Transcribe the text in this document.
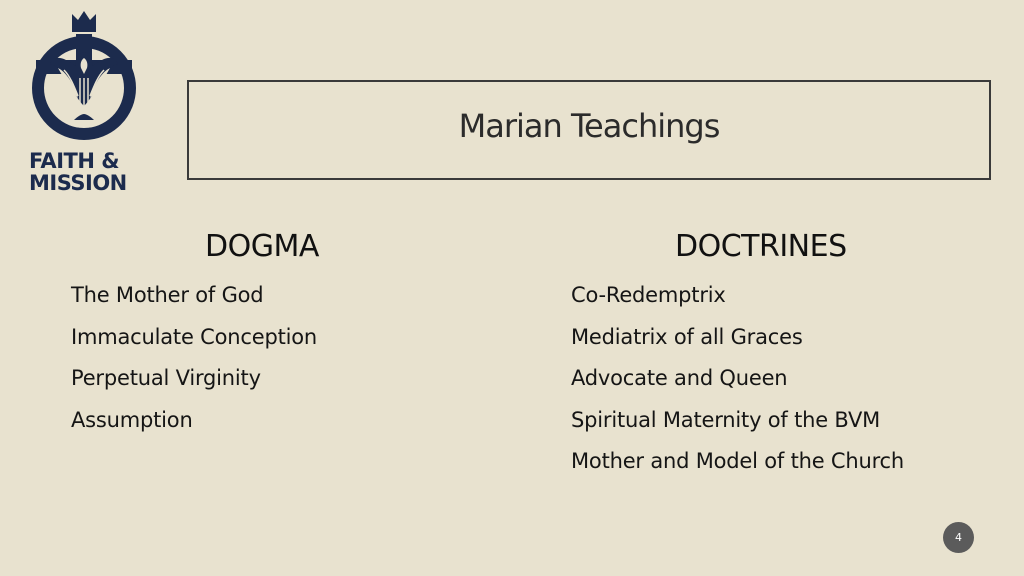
FAITH &
MISSION
Marian Teachings
DOGMA
The Mother of God
Immaculate Conception
Perpetual Virginity
Assumption
DOCTRINES
Co-Redemptrix
Mediatrix of all Graces
Advocate and Queen
Spiritual Maternity of the BVM
Mother and Model of the Church
4
